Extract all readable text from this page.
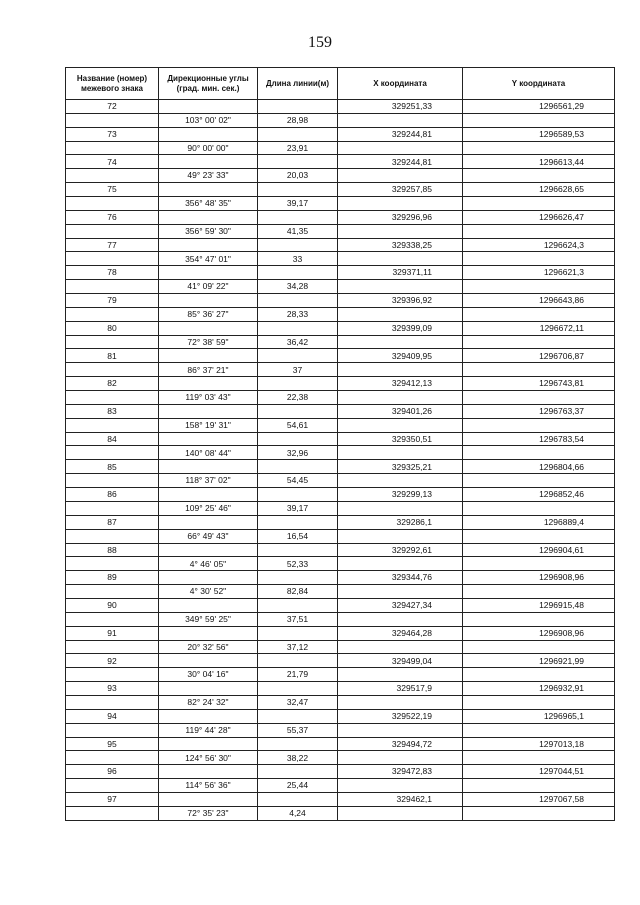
159
Название (номер) межевого знака	Дирекционные углы (град. мин. сек.)	Длина линии(м)	X координата	Y координата
72			329251,33	1296561,29
	103° 00' 02"	28,98		
73			329244,81	1296589,53
	90° 00' 00"	23,91		
74			329244,81	1296613,44
	49° 23' 33"	20,03		
75			329257,85	1296628,65
	356° 48' 35"	39,17		
76			329296,96	1296626,47
	356° 59' 30"	41,35		
77			329338,25	1296624,3
	354° 47' 01"	33		
78			329371,11	1296621,3
	41° 09' 22"	34,28		
79			329396,92	1296643,86
	85° 36' 27"	28,33		
80			329399,09	1296672,11
	72° 38' 59"	36,42		
81			329409,95	1296706,87
	86° 37' 21"	37		
82			329412,13	1296743,81
	119° 03' 43"	22,38		
83			329401,26	1296763,37
	158° 19' 31"	54,61		
84			329350,51	1296783,54
	140° 08' 44"	32,96		
85			329325,21	1296804,66
	118° 37' 02"	54,45		
86			329299,13	1296852,46
	109° 25' 46"	39,17		
87			329286,1	1296889,4
	66° 49' 43"	16,54		
88			329292,61	1296904,61
	4° 46' 05"	52,33		
89			329344,76	1296908,96
	4° 30' 52"	82,84		
90			329427,34	1296915,48
	349° 59' 25"	37,51		
91			329464,28	1296908,96
	20° 32' 56"	37,12		
92			329499,04	1296921,99
	30° 04' 16"	21,79		
93			329517,9	1296932,91
	82° 24' 32"	32,47		
94			329522,19	1296965,1
	119° 44' 28"	55,37		
95			329494,72	1297013,18
	124° 56' 30"	38,22		
96			329472,83	1297044,51
	114° 56' 36"	25,44		
97			329462,1	1297067,58
	72° 35' 23"	4,24		
